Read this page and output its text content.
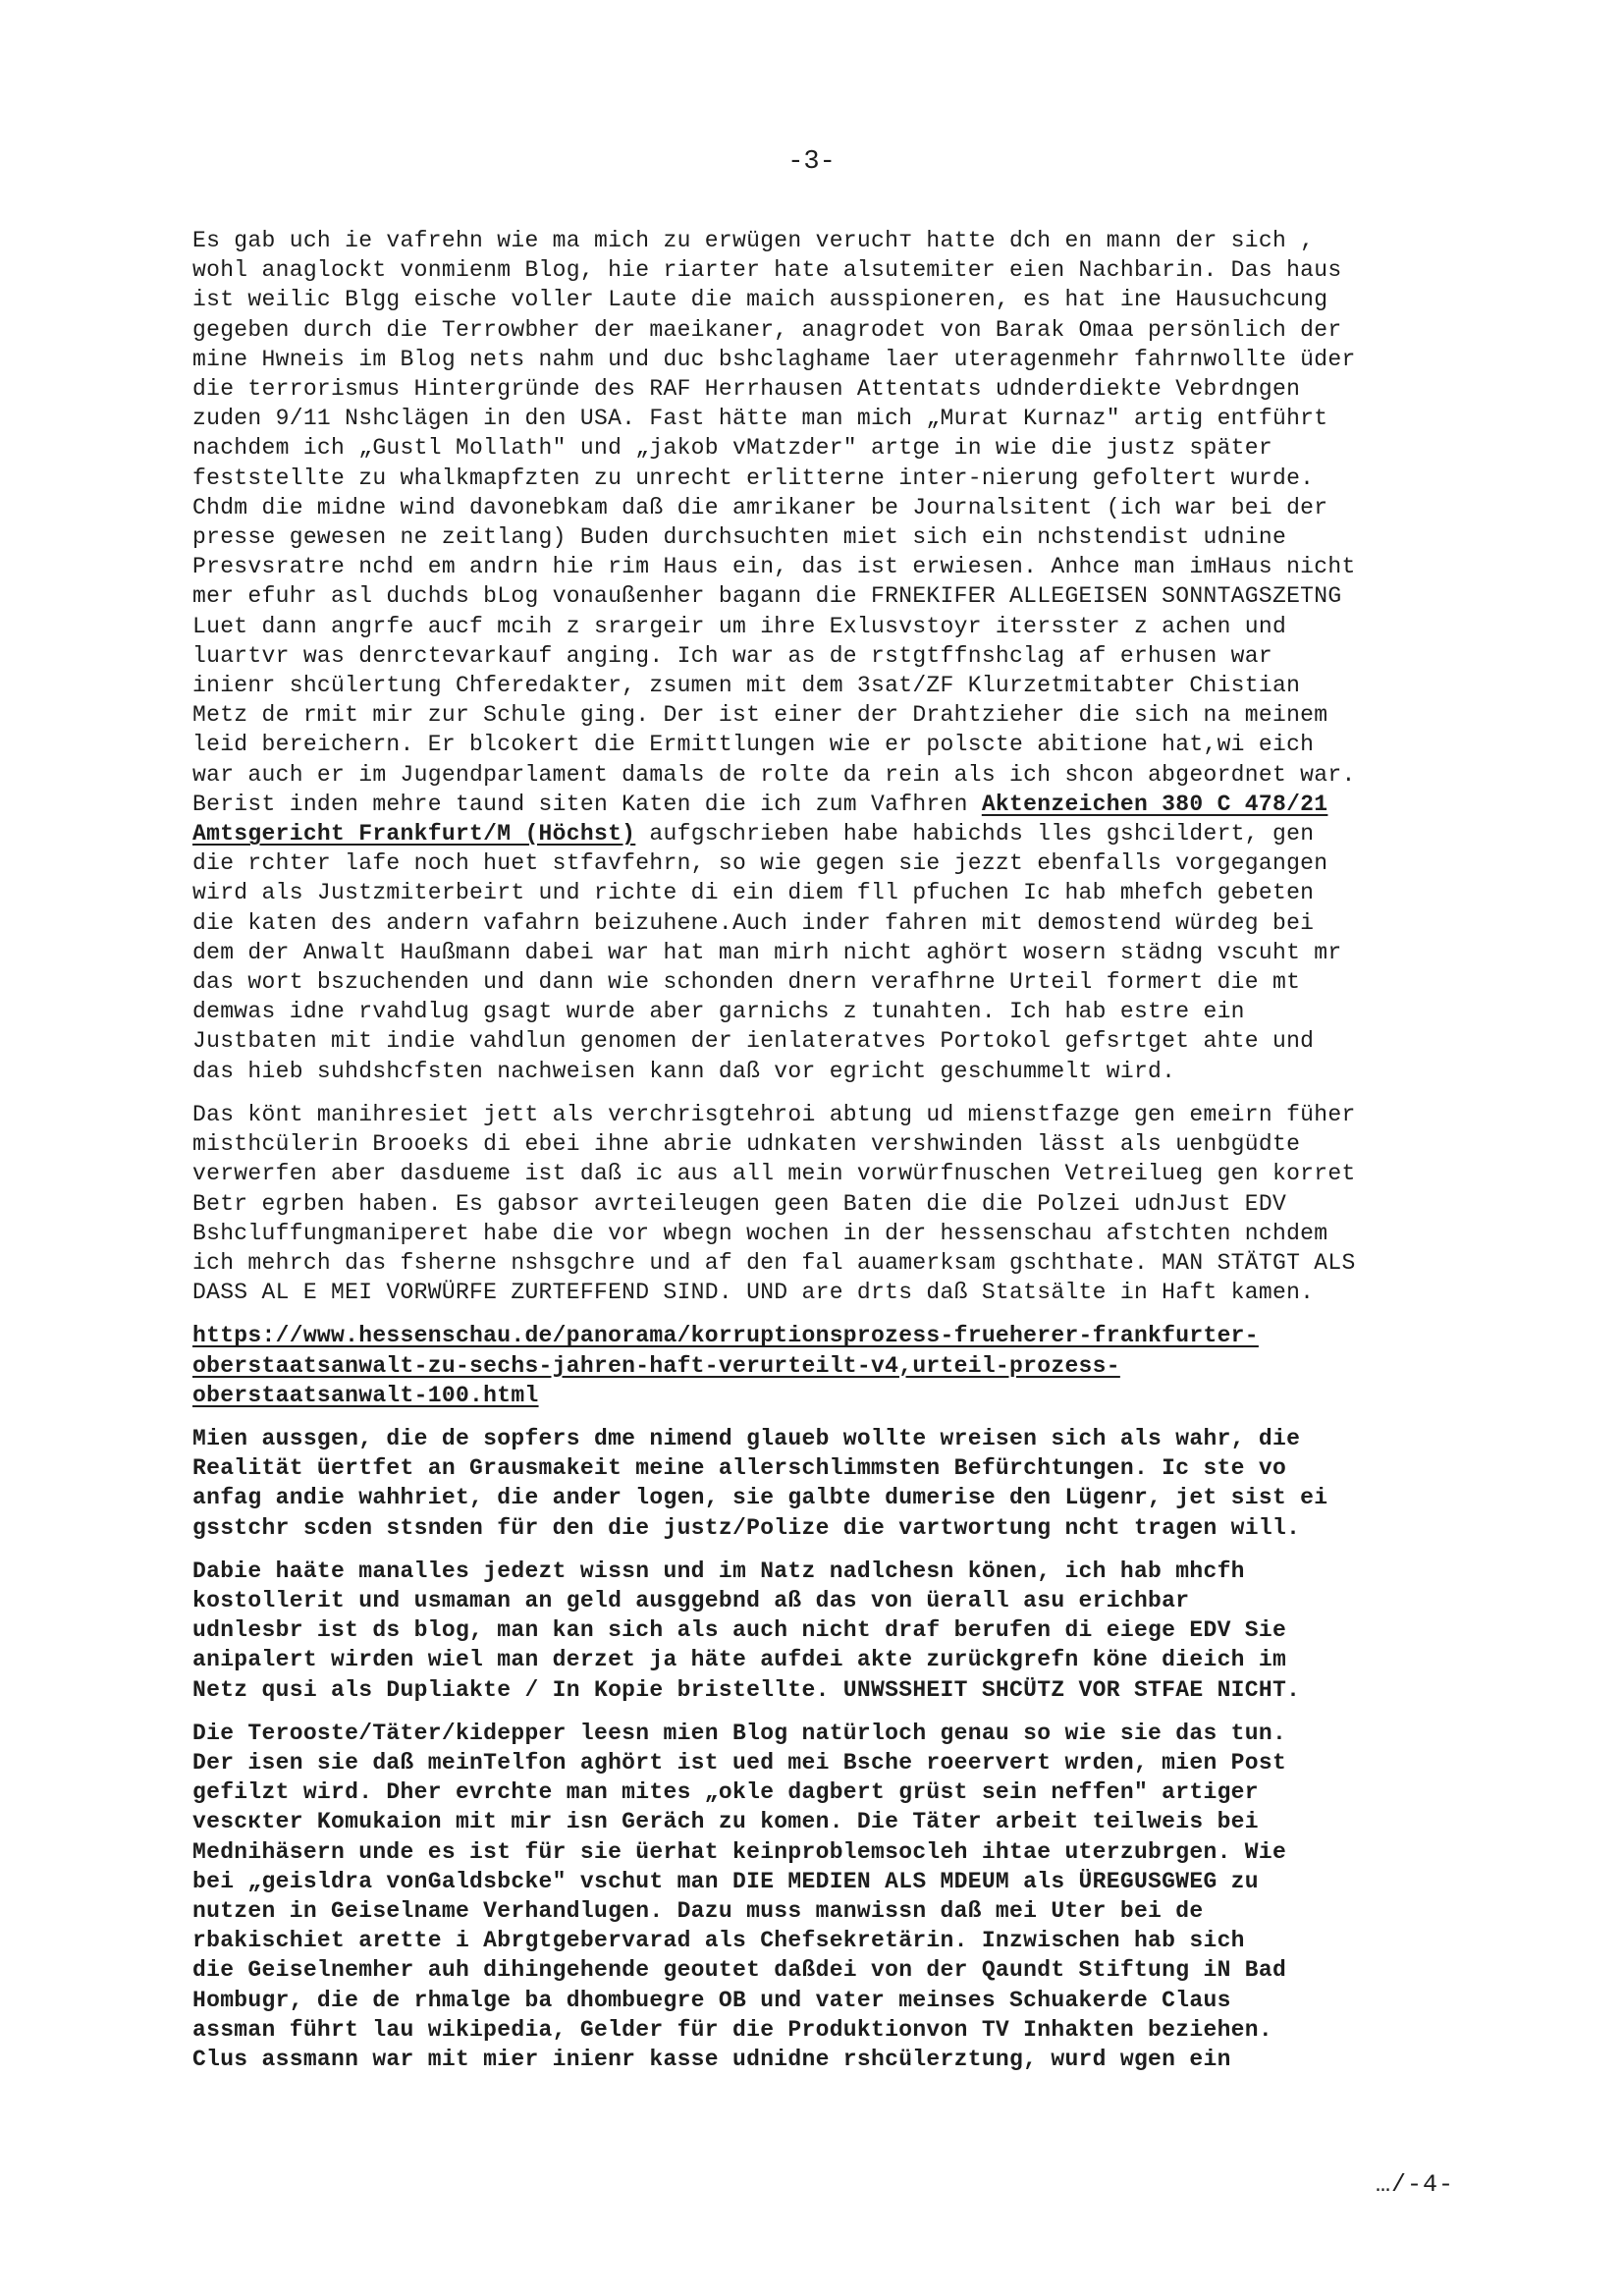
-3-

Es gab uch ie vafrehn wie ma mich zu erwügen veruchт hatte dch en mann der sich ,
wohl anaglockt vonmienm Blog, hie riarter hate alsutemiter eien Nachbarin. Das haus
ist weilic Blgg eische voller Laute die maich ausspioneren, es hat ine Hausuchcung
gegeben durch die Terrowbher der maeikaner, anagrodet von Barak Omaa persönlich der
mine Hwneis im Blog nets nahm und duc bshclaghame laer uteragenmehr fahrnwollte üder
die terrorismus Hintergründe des RAF Herrhausen Attentats udnderdiekte Vebrdngen
zuden 9/11 Nshclägen in den USA. Fast hätte man mich „Murat Kurnaz" artig entführt
nachdem ich „Gustl Mollath" und „jakob vMatzder" artge in wie die justz später
feststellte zu whalkmapfzten zu unrecht erlitterne inter-nierung gefoltert wurde.
Chdm die midne wind davonebkam daß die amrikaner be Journalsitent (ich war bei der
presse gewesen ne zeitlang) Buden durchsuchten miet sich ein nchstendist udnine
Presvsratre nchd em andrn hie rim Haus ein, das ist erwiesen. Anhce man imHaus nicht
mer efuhr asl duchds bLog vonaußenher bagann die FRNEKIFER ALLEGEISEN SONNTAGSZETNG
Luet dann angrfe aucf mcih z srargeir um ihre Exlusvstoyr itersster z achen und
luartvr was denrctevarkauf anging. Ich war as de rstgtffnshclag af erhusen war
inienr shcülertung Chferedakter, zsumen mit dem 3sat/ZF Klurzetmitabter Chistian
Metz de rmit mir zur Schule ging. Der ist einer der Drahtzieher die sich na meinem
leid bereichern. Er blcokert die Ermittlungen wie er polscte abitione hat,wi eich
war auch er im Jugendparlament damals de rolte da rein als ich shcon abgeordnet war.
Berist inden mehre taund siten Katen die ich zum Vafhren Aktenzeichen 380 C 478/21
Amtsgericht Frankfurt/M (Höchst) aufgschrieben habe habichds lles gshcildert, gen
die rchter lafe noch huet stfavfehrn, so wie gegen sie jezzt ebenfalls vorgegangen
wird als Justzmiterbeirt und richte di ein diem fll pfuchen Ic hab mhefch gebeten
die katen des andern vafahrn beizuhene.Auch inder fahren mit demostend würdeg bei
dem der Anwalt Haußmann dabei war hat man mirh nicht aghört wosern städng vscuht mr
das wort bszuchenden und dann wie schonden dnern verafhrne Urteil formert die mt
demwas idne rvahdlug gsagt wurde aber garnichs z tunahten. Ich hab estre ein
Justbaten mit indie vahdlun genomen der ienlateratves Portokol gefsrtget ahte und
das hieb suhdshcfsten nachweisen kann daß vor egricht geschummelt wird.

Das könt manihresiet jett als verchrisgtehroi abtung ud mienstfazge gen emeirn füher
misthcülerin Brooeks di ebei ihne abrie udnkaten vershwinden lässt als uenbgüdte
verwerfen aber dasdueme ist daß ic aus all mein vorwürfnuschen Vetreilueg gen korret
Betr egrben haben. Es gabsor avrteileugen geen Baten die die Polzei udnJust EDV
Bshcluffungmaniperet habe die vor wbegn wochen in der hessenschau afstchten nchdem
ich mehrch das fsherne nshsgchre und af den fal auamerksam gschthate. MAN STÄTGT ALS
DASS AL E MEI VORWÜRFE ZURTEFFEND SIND. UND are drts daß Statsälte in Haft kamen.

https://www.hessenschau.de/panorama/korruptionsprozess-frueherer-frankfurter-
oberstaatsanwalt-zu-sechs-jahren-haft-verurteilt-v4,urteil-prozess-
oberstaatsanwalt-100.html

Mien aussgen, die de sopfers dme nimend glaueb wollte wreisen sich als wahr, die
Realität üertfet an Grausmakeit meine allerschlimmsten Befürchtungen. Ic ste vo
anfag andie wahhriet, die ander logen, sie galbte dumerise den Lügenr, jet sist ei
gsstchr scden stsnden für den die justz/Polize die vartwortung ncht tragen will.

Dabie haäte manalles jedezt wissn und im Natz nadlchesn könen, ich hab mhcfh
kostollerit und usmaman an geld ausggebnd aß das von üerall asu erichbar
udnlesbr ist ds blog, man kan sich als auch nicht draf berufen di eiege EDV Sie
anipalert wirden wiel man derzet ja häte aufdei akte zurückgrefn köne dieich im
Netz qusi als Dupliakte / In Kopie bristellte. UNWSSHEIT SHCÜTZ VOR STFAE NICHT.

Die Terooste/Täter/kidepper leesn mien Blog natürloch genau so wie sie das tun.
Der isen sie daß meinTelfon aghört ist ued mei Bsche roeervert wrden, mien Post
gefilzt wird. Dher evrchte man mites „okle dagbert grüst sein neffen" artiger
vescкter Komukaion mit mir isn Geräch zu komen. Die Täter arbeit teilweis bei
Mednihäsern unde es ist für sie üerhat keinproblemsocleh ihtae uterzubrgen. Wie
bei „geisldra vonGaldsbcke" vschut man DIE MEDIEN ALS MDEUM als ÜREGUSGWEG zu
nutzen in Geiselname Verhandlugen. Dazu muss manwissn daß mei Uter bei de
rbakischiet arette i Abrgtgebervarad als Chefsekretärin. Inzwischen hab sich
die Geiselnemher auh dihingehende geoutet daßdei von der Qaundt Stiftung iN Bad
Hombugr, die de rhmalge ba dhombuegre OB und vater meinses Schuakerde Claus
assman führt lau wikipedia, Gelder für die Produktionvon TV Inhakten beziehen.
Clus assmann war mit mier inienr kasse udnidne rshcülerztung, wurd wgen ein

…/-4-
